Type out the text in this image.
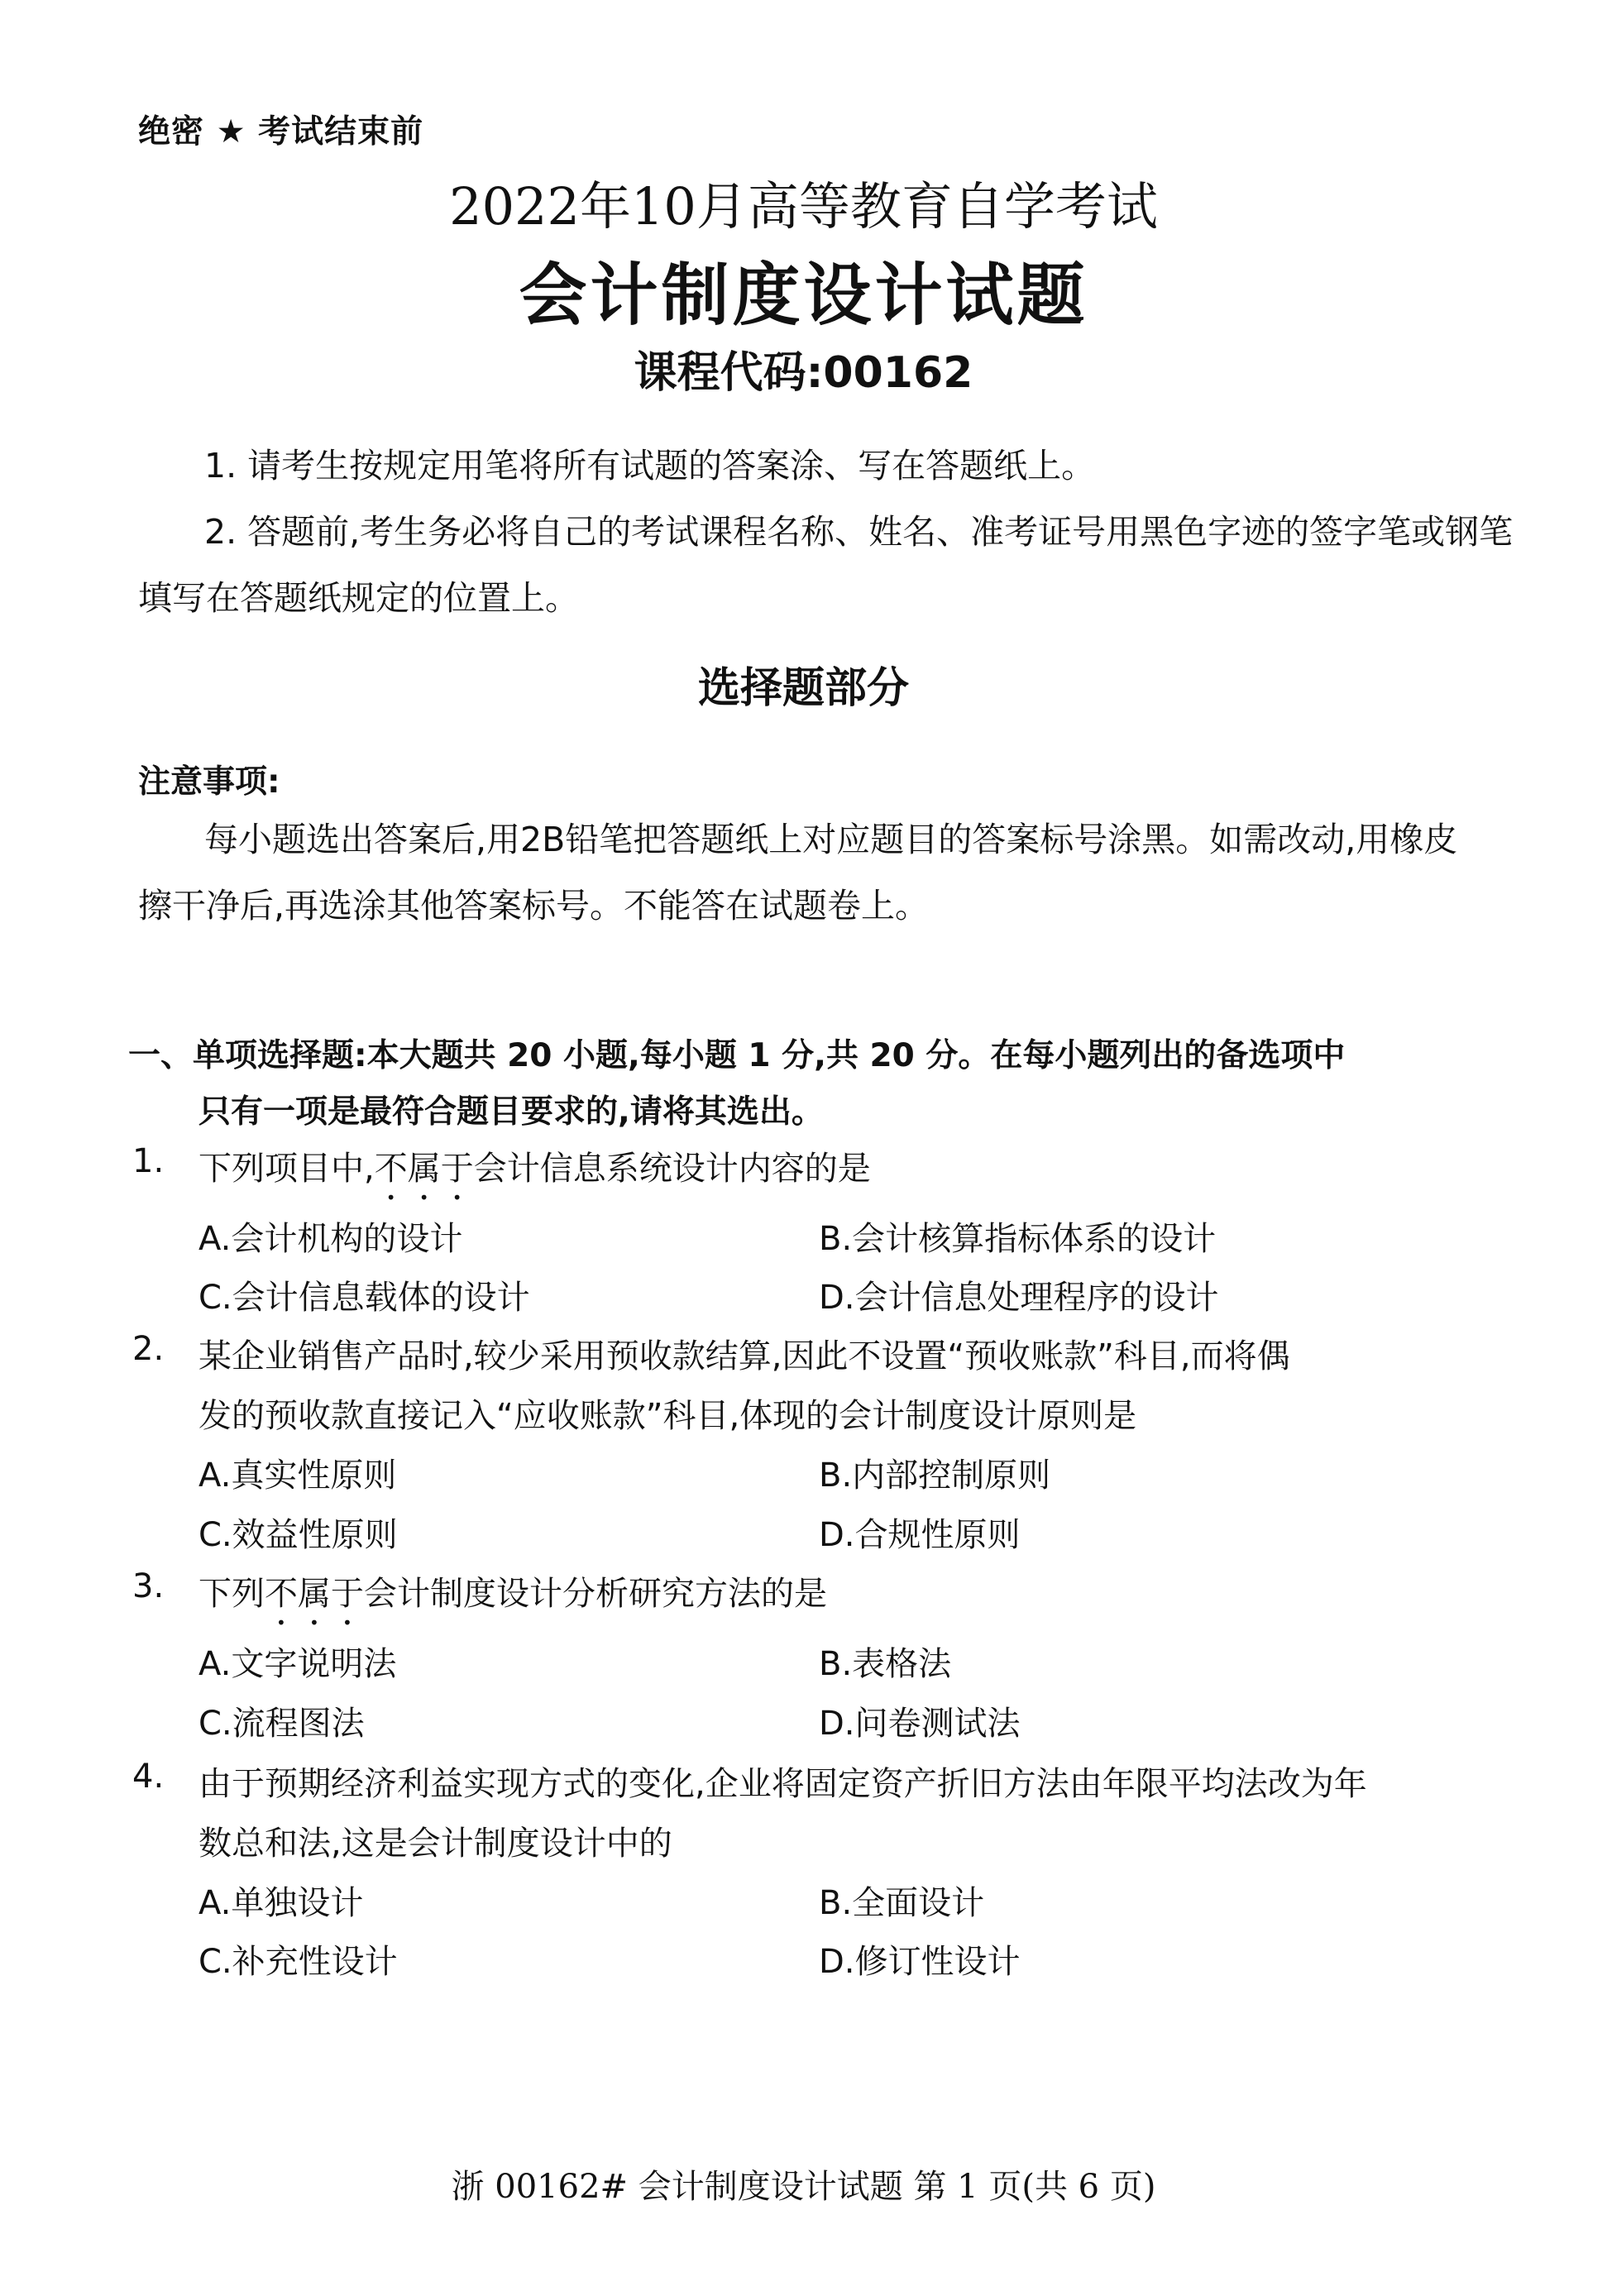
绝密 ★ 考试结束前
2022年10月高等教育自学考试
会计制度设计试题
课程代码:00162
1. 请考生按规定用笔将所有试题的答案涂、写在答题纸上。
2. 答题前,考生务必将自己的考试课程名称、姓名、准考证号用黑色字迹的签字笔或钢笔
填写在答题纸规定的位置上。
选择题部分
注意事项:
每小题选出答案后,用2B铅笔把答题纸上对应题目的答案标号涂黑。如需改动,用橡皮
擦干净后,再选涂其他答案标号。不能答在试题卷上。
一、单项选择题:本大题共 20 小题,每小题 1 分,共 20 分。在每小题列出的备选项中
只有一项是最符合题目要求的,请将其选出。
1. 下列项目中,不属于会计信息系统设计内容的是
A.会计机构的设计	B.会计核算指标体系的设计
C.会计信息载体的设计	D.会计信息处理程序的设计
2. 某企业销售产品时,较少采用预收款结算,因此不设置“预收账款”科目,而将偶
发的预收款直接记入“应收账款”科目,体现的会计制度设计原则是
A.真实性原则	B.内部控制原则
C.效益性原则	D.合规性原则
3. 下列不属于会计制度设计分析研究方法的是
A.文字说明法	B.表格法
C.流程图法	D.问卷测试法
4. 由于预期经济利益实现方式的变化,企业将固定资产折旧方法由年限平均法改为年
数总和法,这是会计制度设计中的
A.单独设计	B.全面设计
C.补充性设计	D.修订性设计
浙 00162# 会计制度设计试题 第 1 页(共 6 页)
